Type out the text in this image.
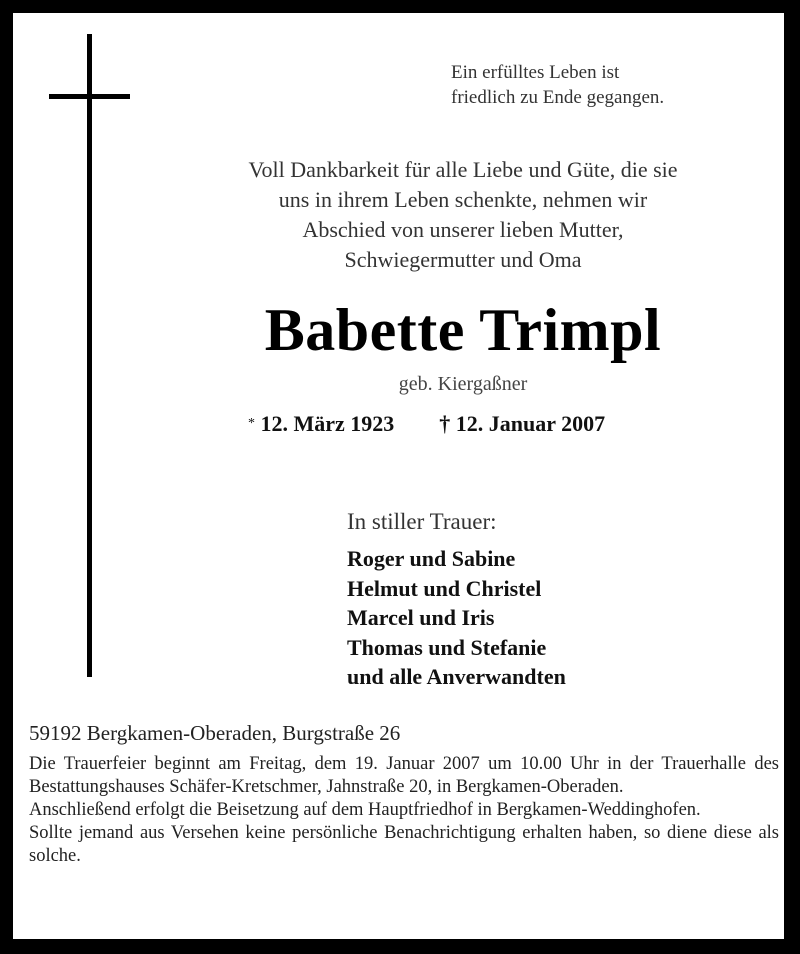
Ein erfülltes Leben ist
friedlich zu Ende gegangen.
Voll Dankbarkeit für alle Liebe und Güte, die sie
uns in ihrem Leben schenkte, nehmen wir
Abschied von unserer lieben Mutter,
Schwiegermutter und Oma
Babette Trimpl
geb. Kiergaßner
* 12. März 1923 † 12. Januar 2007
In stiller Trauer:
Roger und Sabine
Helmut und Christel
Marcel und Iris
Thomas und Stefanie
und alle Anverwandten
59192 Bergkamen-Oberaden, Burgstraße 26

Die Trauerfeier beginnt am Freitag, dem 19. Januar 2007 um 10.00 Uhr in der Trauerhalle des Bestattungshauses Schäfer-Kretschmer, Jahnstraße 20, in Bergkamen-Oberaden.

Anschließend erfolgt die Beisetzung auf dem Hauptfriedhof in Bergkamen-Weddinghofen.

Sollte jemand aus Versehen keine persönliche Benachrichtigung erhalten haben, so diene diese als solche.
